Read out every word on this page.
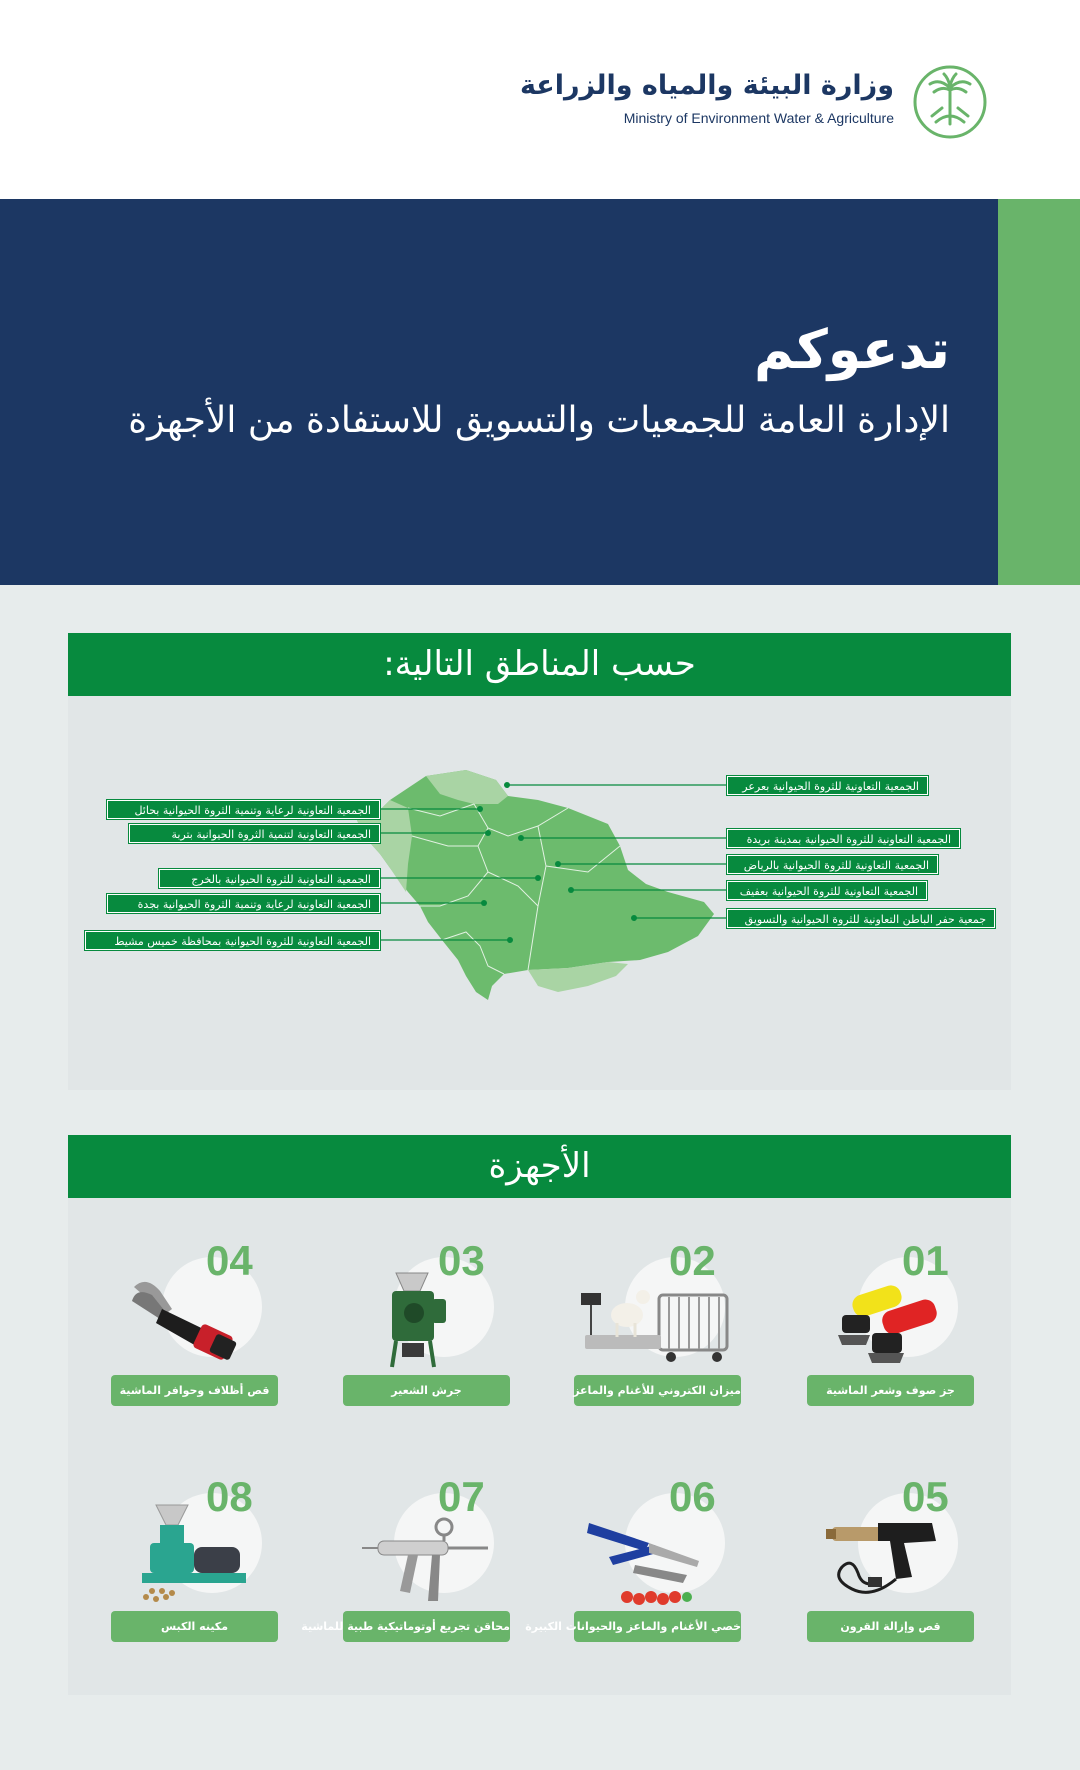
وزارة البيئة والمياه والزراعة
Ministry of Environment Water & Agriculture
تدعوكم
الإدارة العامة للجمعيات والتسويق للاستفادة من الأجهزة
حسب المناطق التالية:
الجمعية التعاونية للثروة الحيوانية بعرعر
الجمعية التعاونية للثروة الحيوانية بمدينة بريدة
الجمعية التعاونية للثروة الحيوانية بالرياض
الجمعية التعاونية للثروة الحيوانية بعفيف
جمعية حفر الباطن التعاونية للثروة الحيوانية والتسويق
الجمعية التعاونية لرعاية وتنمية الثروة الحيوانية بحائل
الجمعية التعاونية لتنمية الثروة الحيوانية بتربة
الجمعية التعاونية للثروة الحيوانية بالخرج
الجمعية التعاونية لرعاية وتنمية الثروة الحيوانية بجدة
الجمعية التعاونية للثروة الحيوانية بمحافظة خميس مشيط
الأجهزة
01
جز صوف وشعر الماشية
02
ميزان الكتروني للأغنام والماعز
03
جرش الشعير
04
قص أظلاف وحوافر الماشية
05
قص وإزالة القرون
06
خصي الأغنام والماعز والحيوانات الكبيرة
07
محاقن تجريع أوتوماتيكية طبية للماشية
08
مكينه الكبس
